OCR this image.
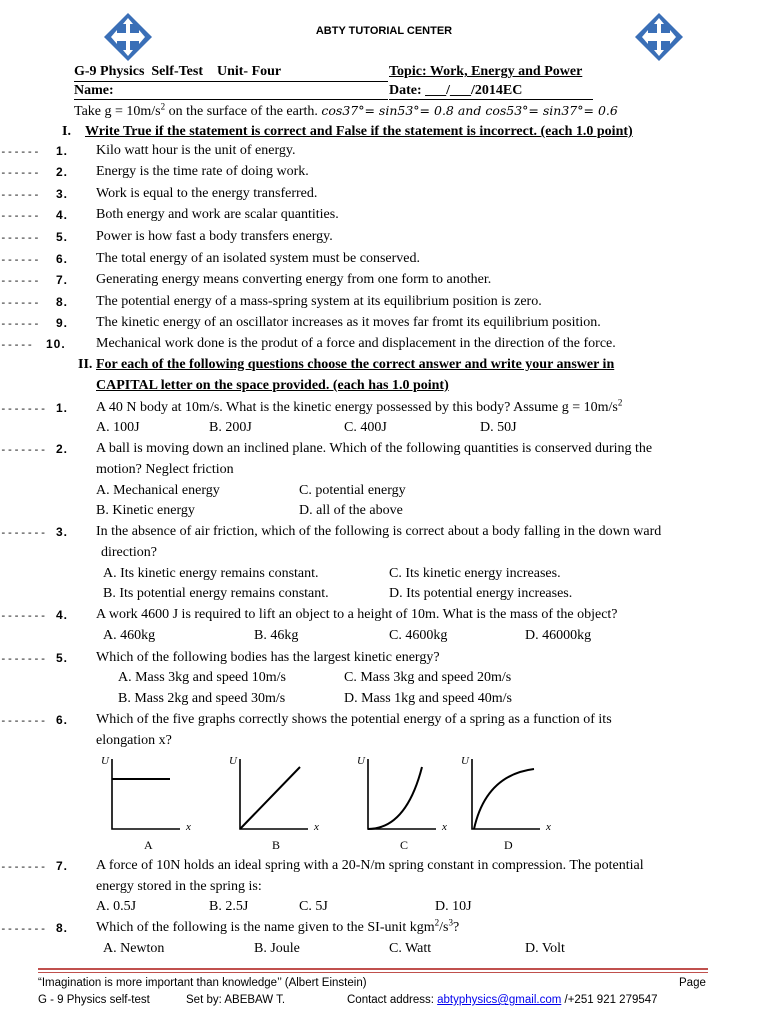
ABTY TUTORIAL CENTER
G-9 Physics  Self-Test    Unit- Four	Topic: Work, Energy and Power
Name:	Date: ___/___/2014EC
Take $g = 10m/s^2$ on the surface of the earth. cos37°= sin53°= 0.8 and cos53°= sin37°= 0.6
I. Write True if the statement is correct and False if the statement is incorrect. (each 1.0 point)
------ 1. Kilo watt hour is the unit of energy.
------ 2. Energy is the time rate of doing work.
------ 3. Work is equal to the energy transferred.
------ 4. Both energy and work are scalar quantities.
------ 5. Power is how fast a body transfers energy.
------ 6. The total energy of an isolated system must be conserved.
------ 7. Generating energy means converting energy from one form to another.
------ 8. The potential energy of a mass-spring system at its equilibrium position is zero.
------ 9. The kinetic energy of an oscillator increases as it moves far fromt its equilibrium position.
----- 10. Mechanical work done is the produt of a force and displacement in the direction of the force.
II. For each of the following questions choose the correct answer and write your answer in
CAPITAL letter on the space provided. (each has 1.0 point)
------- 1. A 40 N body at 10m/s. What is the kinetic energy possessed by this body? Assume $g = 10m/s^2$
A. 100J	B. 200J	C. 400J	D. 50J
------- 2. A ball is moving down an inclined plane. Which of the following quantities is conserved during the
motion? Neglect friction
A. Mechanical energy	C. potential energy
B. Kinetic energy	D. all of the above
------- 3. In the absence of air friction, which of the following is correct about a body falling in the down ward
direction?
A. Its kinetic energy remains constant.	C. Its kinetic energy increases.
B. Its potential energy remains constant.	D. Its potential energy increases.
------- 4. A work 4600 J is required to lift an object to a height of 10m. What is the mass of the object?
A. 460kg	B. 46kg	C. 4600kg	D. 46000kg
------- 5. Which of the following bodies has the largest kinetic energy?
A. Mass 3kg and speed 10m/s	C. Mass 3kg and speed 20m/s
B. Mass 2kg and speed 30m/s	D. Mass 1kg and speed 40m/s
------- 6. Which of the five graphs correctly shows the potential energy of a spring as a function of its
elongation x?
U
x
A
U
x
B
U
x
C
U
x
D
------- 7. A force of 10N holds an ideal spring with a 20-N/m spring constant in compression. The potential
energy stored in the spring is:
A. 0.5J	B. 2.5J	C. 5J	D. 10J
------- 8. Which of the following is the name given to the SI-unit $kgm^2/s^3$?
A. Newton	B. Joule	C. Watt	D. Volt
“Imagination is more important than knowledge’’ (Albert Einstein)	Page
G - 9 Physics self-test	Set by: ABEBAW T.	Contact address: abtyphysics@gmail.com /+251 921 279547
